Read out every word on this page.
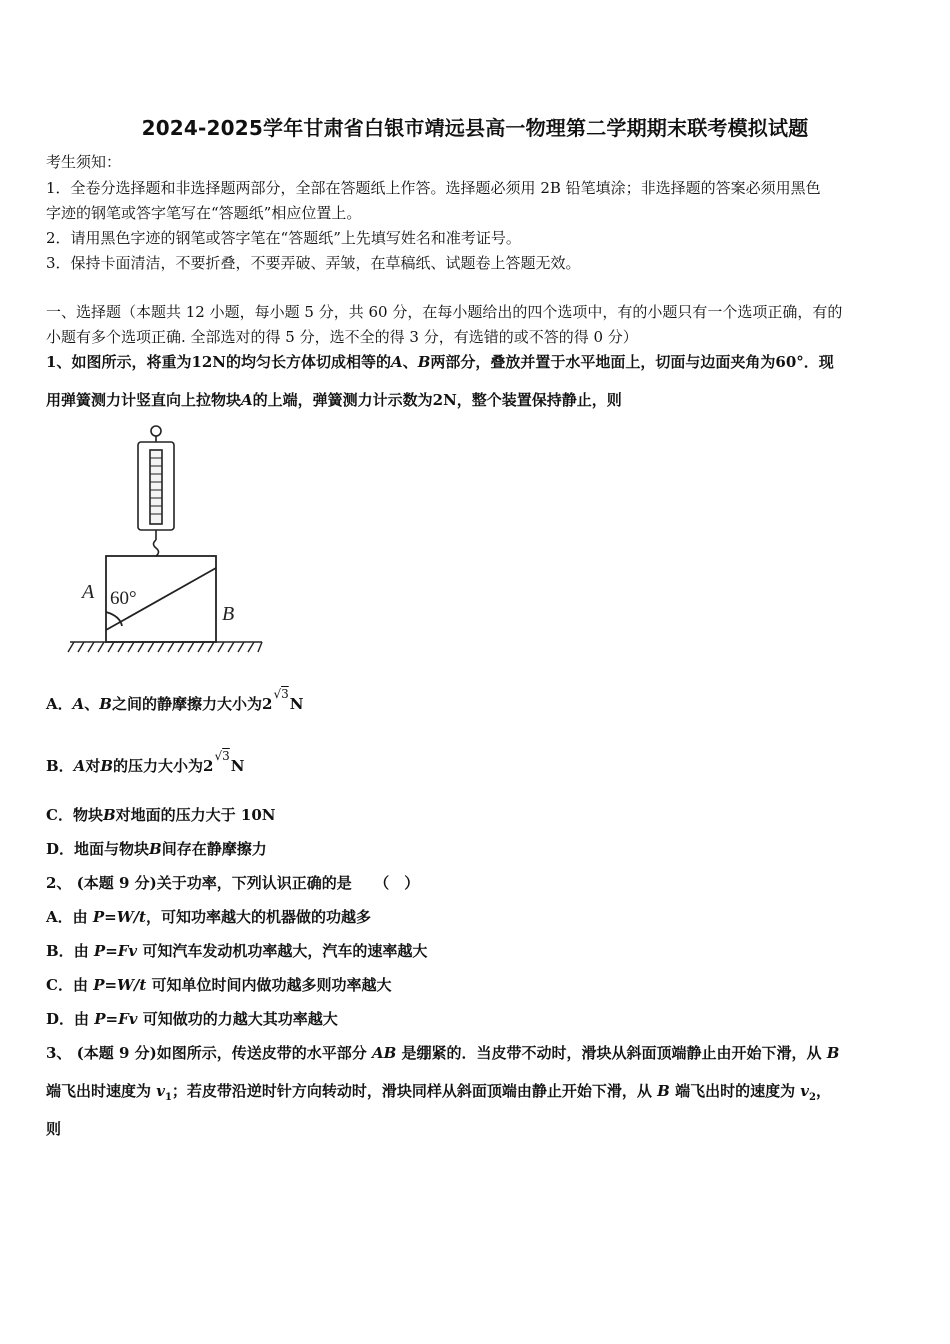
2024-2025学年甘肃省白银市靖远县高一物理第二学期期末联考模拟试题
考生须知：
1．全卷分选择题和非选择题两部分，全部在答题纸上作答。选择题必须用 2B 铅笔填涂；非选择题的答案必须用黑色
字迹的钢笔或答字笔写在“答题纸”相应位置上。
2．请用黑色字迹的钢笔或答字笔在“答题纸”上先填写姓名和准考证号。
3．保持卡面清洁，不要折叠，不要弄破、弄皱，在草稿纸、试题卷上答题无效。
一、选择题（本题共 12 小题，每小题 5 分，共 60 分，在每小题给出的四个选项中，有的小题只有一个选项正确，有的
小题有多个选项正确. 全部选对的得 5 分，选不全的得 3 分，有选错的或不答的得 0 分）
1、如图所示，将重为12N的均匀长方体切成相等的A、B两部分，叠放并置于水平地面上，切面与边面夹角为60°．现
用弹簧测力计竖直向上拉物块A的上端，弹簧测力计示数为2N，整个装置保持静止，则
A 60°
B
A．A、B之间的静摩擦力大小为2√3N
B．A对B的压力大小为2√3N
C．物块B对地面的压力大于 10N
D．地面与物块B间存在静摩擦力
2、 (本题 9 分)关于功率，下列认识正确的是　　（　）
A．由 P=W/t，可知功率越大的机器做的功越多
B．由 P=Fv 可知汽车发动机功率越大，汽车的速率越大
C．由 P=W/t 可知单位时间内做功越多则功率越大
D．由 P=Fv 可知做功的力越大其功率越大
3、 (本题 9 分)如图所示，传送皮带的水平部分 AB 是绷紧的．当皮带不动时，滑块从斜面顶端静止由开始下滑，从 B
端飞出时速度为 $v_1$；若皮带沿逆时针方向转动时，滑块同样从斜面顶端由静止开始下滑，从 B 端飞出时的速度为 $v_2$，
则
